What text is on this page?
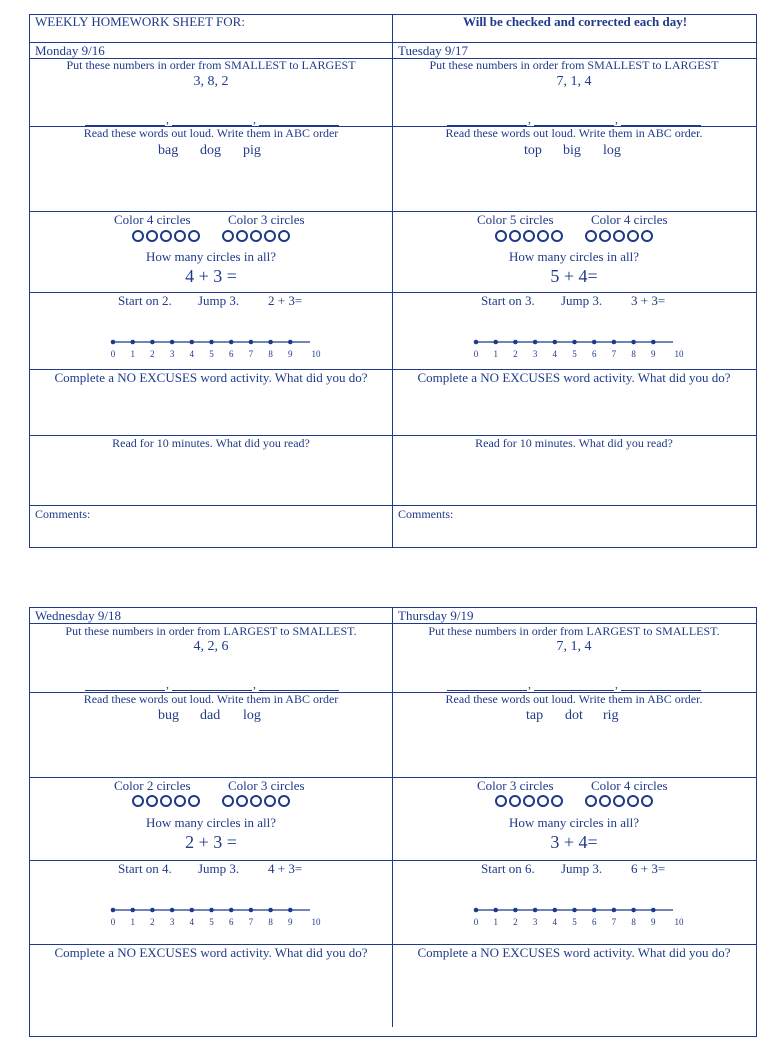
WEEKLY HOMEWORK SHEET FOR:	Will be checked and corrected each day!
Monday 9/16
Put these numbers in order from SMALLEST to LARGEST
3, 8, 2
,	,
Read these words out loud. Write them in ABC order
bag dog pig
Color 4 circles	Color 3 circles
How many circles in all?
4 + 3 =
Start on 2. Jump 3. 2 + 3=
0 1 2 3 4 5 6 7 8 9 10
Complete a NO EXCUSES word activity. What did you do?
Read for 10 minutes. What did you read?
Comments:
Tuesday 9/17
Put these numbers in order from SMALLEST to LARGEST
7, 1, 4
,	,
Read these words out loud. Write them in ABC order.
top big log
Color 5 circles	Color 4 circles
How many circles in all?
5 + 4=
Start on 3. Jump 3. 3 + 3=
0 1 2 3 4 5 6 7 8 9 10
Complete a NO EXCUSES word activity. What did you do?
Read for 10 minutes. What did you read?
Comments:
Wednesday 9/18
Put these numbers in order from LARGEST to SMALLEST.
4, 2, 6
,	,
Read these words out loud. Write them in ABC order
bug dad log
Color 2 circles	Color 3 circles
How many circles in all?
2 + 3 =
Start on 4. Jump 3. 4 + 3=
0 1 2 3 4 5 6 7 8 9 10
Complete a NO EXCUSES word activity. What did you do?
Thursday 9/19
Put these numbers in order from LARGEST to SMALLEST.
7, 1, 4
,	,
Read these words out loud. Write them in ABC order.
tap dot rig
Color 3 circles	Color 4 circles
How many circles in all?
3 + 4=
Start on 6. Jump 3. 6 + 3=
0 1 2 3 4 5 6 7 8 9 10
Complete a NO EXCUSES word activity. What did you do?
